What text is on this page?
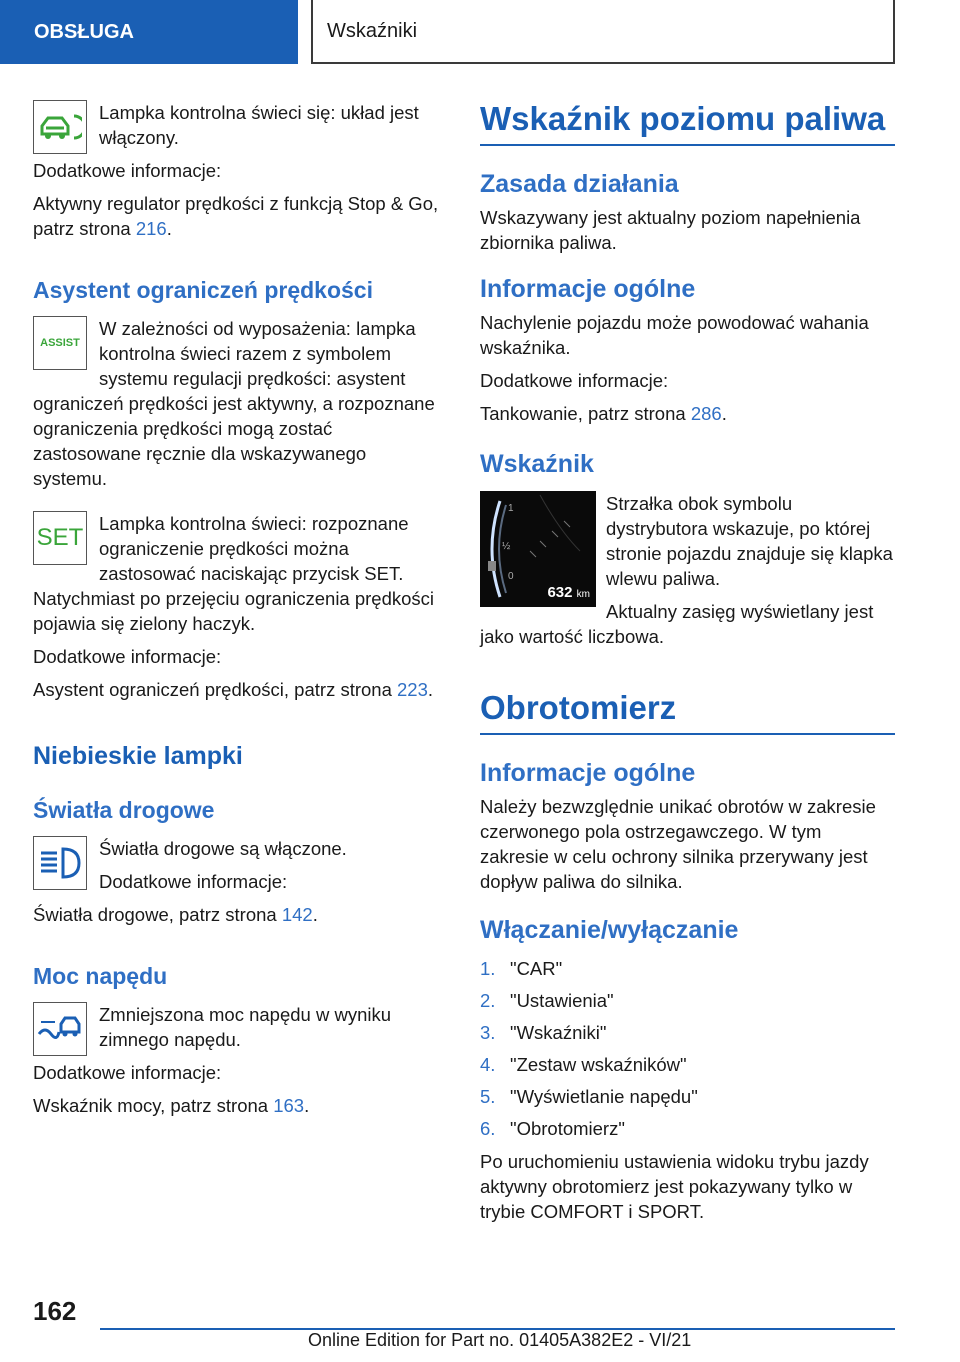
OBSŁUGA	Wskaźniki

Lampka kontrolna świeci się: układ jest włączony.

Dodatkowe informacje:

Aktywny regulator prędkości z funkcją Stop & Go, patrz strona 216.

Asystent ograniczeń prędkości
ASSIST

W zależności od wyposażenia: lampka kontrolna świeci razem z symbolem systemu regulacji prędkości: asystent ograniczeń prędkości jest aktywny, a rozpoznane ograniczenia prędkości mogą zostać zastosowane ręcznie dla wskazywanego systemu.

SET

Lampka kontrolna świeci: rozpoznane ograniczenie prędkości można zastosować naciskając przycisk SET. Natychmiast po przejęciu ograniczenia prędkości pojawia się zielony haczyk.

Dodatkowe informacje:

Asystent ograniczeń prędkości, patrz strona 223.

Niebieskie lampki
Światła drogowe

Światła drogowe są włączone.

Dodatkowe informacje:

Światła drogowe, patrz strona 142.

Moc napędu

Zmniejszona moc napędu w wyniku zimnego napędu.

Dodatkowe informacje:

Wskaźnik mocy, patrz strona 163.

Wskaźnik poziomu paliwa
Zasada działania

Wskazywany jest aktualny poziom napełnienia zbiornika paliwa.

Informacje ogólne

Nachylenie pojazdu może powodować wahania wskaźnika.

Dodatkowe informacje:

Tankowanie, patrz strona 286.

Wskaźnik
1
½
0
632 km

Strzałka obok symbolu dystrybutora wskazuje, po której stronie pojazdu znajduje się klapka wlewu paliwa.

Aktualny zasięg wyświetlany jest jako wartość liczbowa.

Obrotomierz
Informacje ogólne

Należy bezwzględnie unikać obrotów w zakresie czerwonego pola ostrzegawczego. W tym zakresie w celu ochrony silnika przerywany jest dopływ paliwa do silnika.

Włączanie/wyłączanie
1. "CAR"
2. "Ustawienia"
3. "Wskaźniki"
4. "Zestaw wskaźników"
5. "Wyświetlanie napędu"
6. "Obrotomierz"

Po uruchomieniu ustawienia widoku trybu jazdy aktywny obrotomierz jest pokazywany tylko w trybie COMFORT i SPORT.

162
Online Edition for Part no. 01405A382E2 - VI/21
